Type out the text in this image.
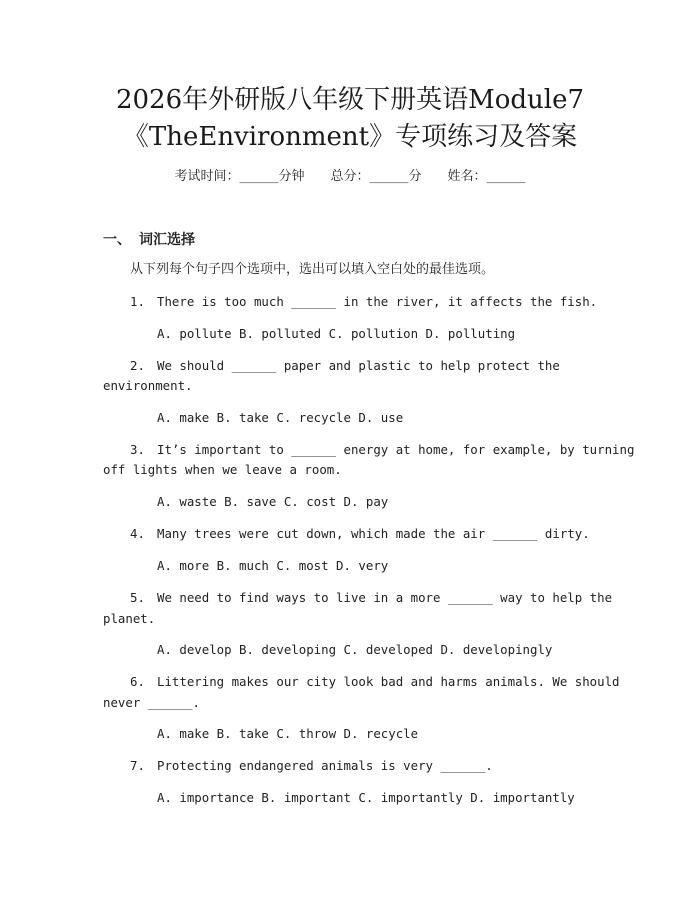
2026年外研版八年级下册英语Module7
《TheEnvironment》专项练习及答案
考试时间：______分钟 总分：______分 姓名：______
一、 词汇选择
从下列每个句子四个选项中，选出可以填入空白处的最佳选项。
1. There is too much ______ in the river, it affects the fish.
A. pollute B. polluted C. pollution D. polluting
2. We should ______ paper and plastic to help protect the
environment.
A. make B. take C. recycle D. use
3. It’s important to ______ energy at home, for example, by turning
off lights when we leave a room.
A. waste B. save C. cost D. pay
4. Many trees were cut down, which made the air ______ dirty.
A. more B. much C. most D. very
5. We need to find ways to live in a more ______ way to help the
planet.
A. develop B. developing C. developed D. developingly
6. Littering makes our city look bad and harms animals. We should
never ______.
A. make B. take C. throw D. recycle
7. Protecting endangered animals is very ______.
A. importance B. important C. importantly D. importantly
